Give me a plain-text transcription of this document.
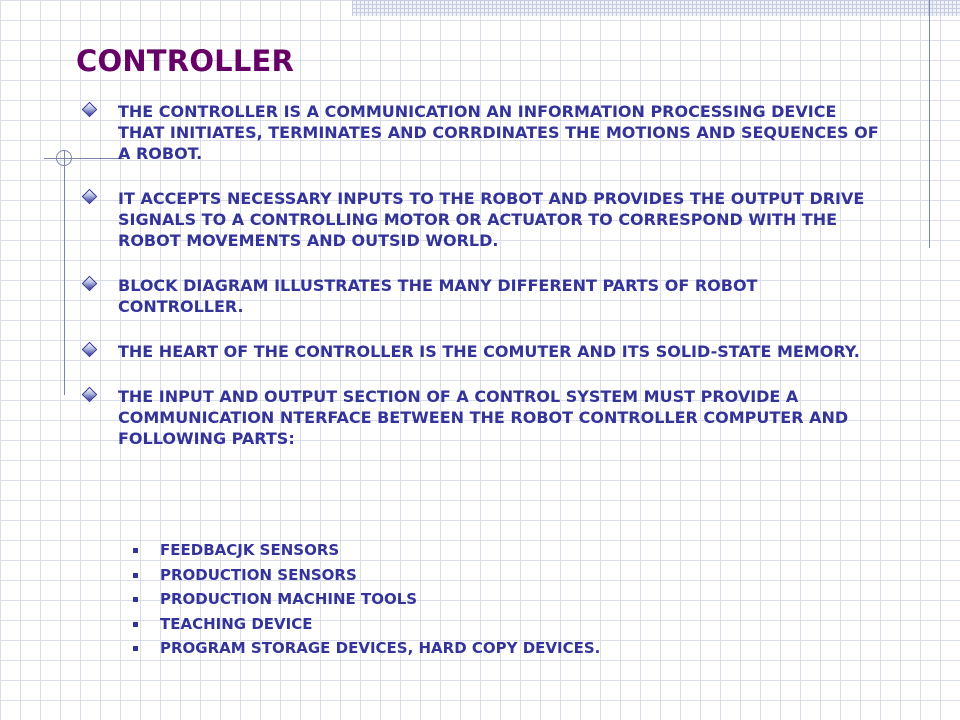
CONTROLLER
THE CONTROLLER IS A COMMUNICATION AN INFORMATION PROCESSING DEVICE THAT INITIATES, TERMINATES AND CORRDINATES THE MOTIONS AND SEQUENCES OF A ROBOT.
IT ACCEPTS NECESSARY INPUTS TO THE ROBOT AND PROVIDES THE OUTPUT DRIVE SIGNALS TO A CONTROLLING MOTOR OR ACTUATOR TO CORRESPOND WITH THE ROBOT MOVEMENTS AND OUTSID WORLD.
BLOCK DIAGRAM ILLUSTRATES THE MANY DIFFERENT PARTS OF ROBOT CONTROLLER.
THE HEART OF THE CONTROLLER IS THE COMUTER AND ITS SOLID-STATE MEMORY.
THE INPUT AND OUTPUT SECTION OF A CONTROL SYSTEM MUST PROVIDE A COMMUNICATION NTERFACE BETWEEN THE ROBOT CONTROLLER COMPUTER AND FOLLOWING PARTS:
FEEDBACJK SENSORS
PRODUCTION SENSORS
PRODUCTION MACHINE TOOLS
TEACHING DEVICE
PROGRAM STORAGE DEVICES, HARD COPY DEVICES.
